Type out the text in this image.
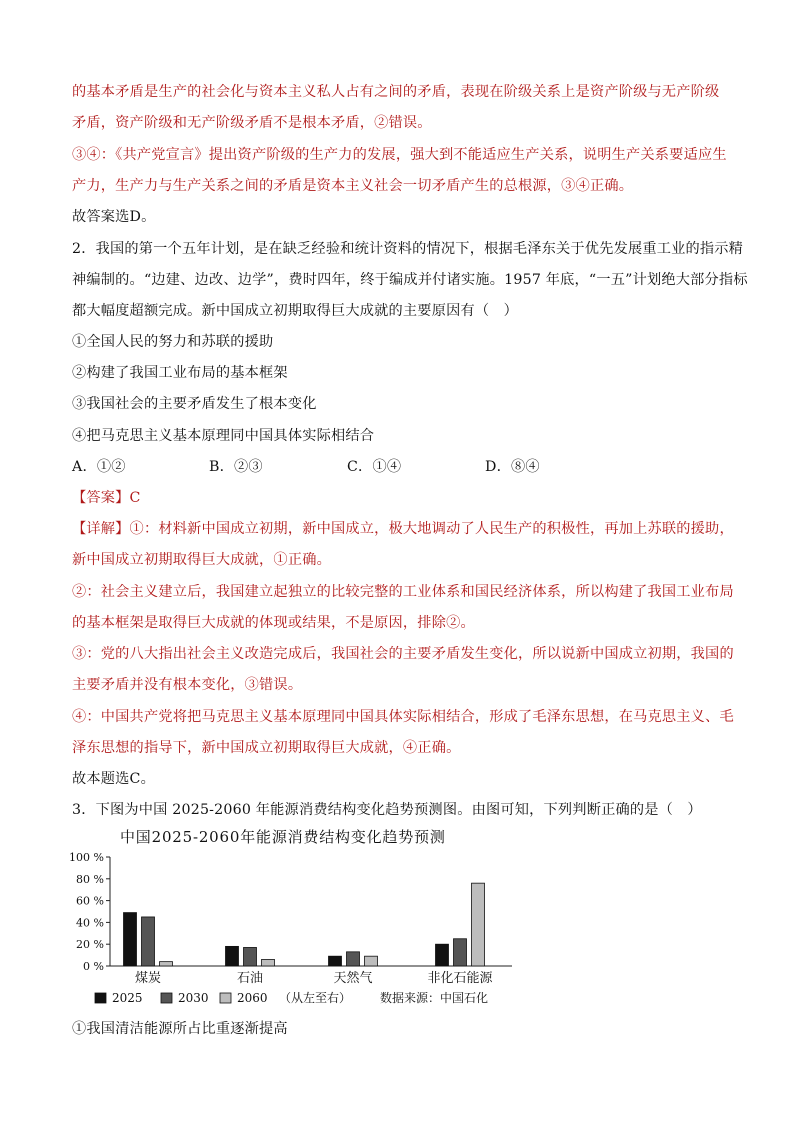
的基本矛盾是生产的社会化与资本主义私人占有之间的矛盾，表现在阶级关系上是资产阶级与无产阶级
矛盾，资产阶级和无产阶级矛盾不是根本矛盾，②错误。
③④：《共产党宣言》提出资产阶级的生产力的发展，强大到不能适应生产关系，说明生产关系要适应生
产力，生产力与生产关系之间的矛盾是资本主义社会一切矛盾产生的总根源，③④正确。
故答案选D。
2．我国的第一个五年计划，是在缺乏经验和统计资料的情况下，根据毛泽东关于优先发展重工业的指示精
神编制的。“边建、边改、边学”，费时四年，终于编成并付诸实施。1957 年底，“一五”计划绝大部分指标
都大幅度超额完成。新中国成立初期取得巨大成就的主要原因有（　）
①全国人民的努力和苏联的援助
②构建了我国工业布局的基本框架
③我国社会的主要矛盾发生了根本变化
④把马克思主义基本原理同中国具体实际相结合
A．①②	B．②③	C．①④	D．⑧④
【答案】C
【详解】①：材料新中国成立初期，新中国成立，极大地调动了人民生产的积极性，再加上苏联的援助，
新中国成立初期取得巨大成就，①正确。
②：社会主义建立后，我国建立起独立的比较完整的工业体系和国民经济体系，所以构建了我国工业布局
的基本框架是取得巨大成就的体现或结果，不是原因，排除②。
③：党的八大指出社会主义改造完成后，我国社会的主要矛盾发生变化，所以说新中国成立初期，我国的
主要矛盾并没有根本变化，③错误。
④：中国共产党将把马克思主义基本原理同中国具体实际相结合，形成了毛泽东思想，在马克思主义、毛
泽东思想的指导下，新中国成立初期取得巨大成就，④正确。
故本题选C。
3．下图为中国 2025-2060 年能源消费结构变化趋势预测图。由图可知，下列判断正确的是（　）
中国2025-2060年能源消费结构变化趋势预测
0 %
20 %
40 %
60 %
80 %
100 %
煤炭	石油	天然气	非化石能源
2025	2030 2060 （从左至右） 数据来源：中国石化
①我国清洁能源所占比重逐渐提高
